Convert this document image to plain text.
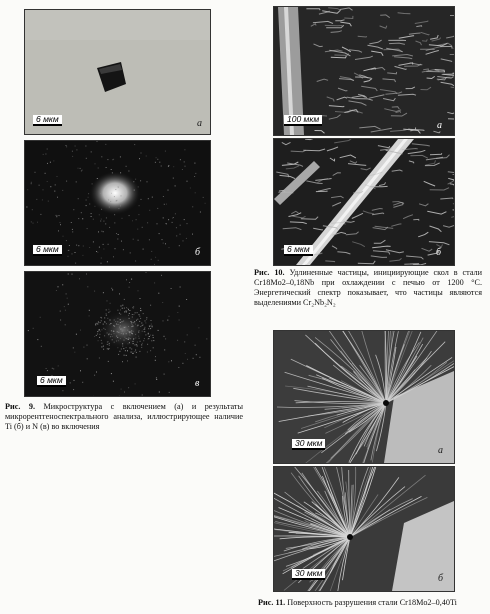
6 мкм	а
6 мкм	б
6 мкм	в
Рис. 9. Микроструктура с включением (а) и результаты микрорентгеноспектрального анализа, иллюстрирующее наличие Ti (б) и N (в) во включения
100 мкм
а
6 мкм	б
Рис. 10. Удлиненные частицы, инициирующие скол в стали Cr18Mo2–0,18Nb при охлаждении с печью от 1200 °С. Энергетический спектр показывает, что частицы являются выделениями Cr₂Nb₂N₂
30 мкм
а
30 мкм	б
Рис. 11. Поверхность разрушения стали Cr18Mo2–0,40Ti
